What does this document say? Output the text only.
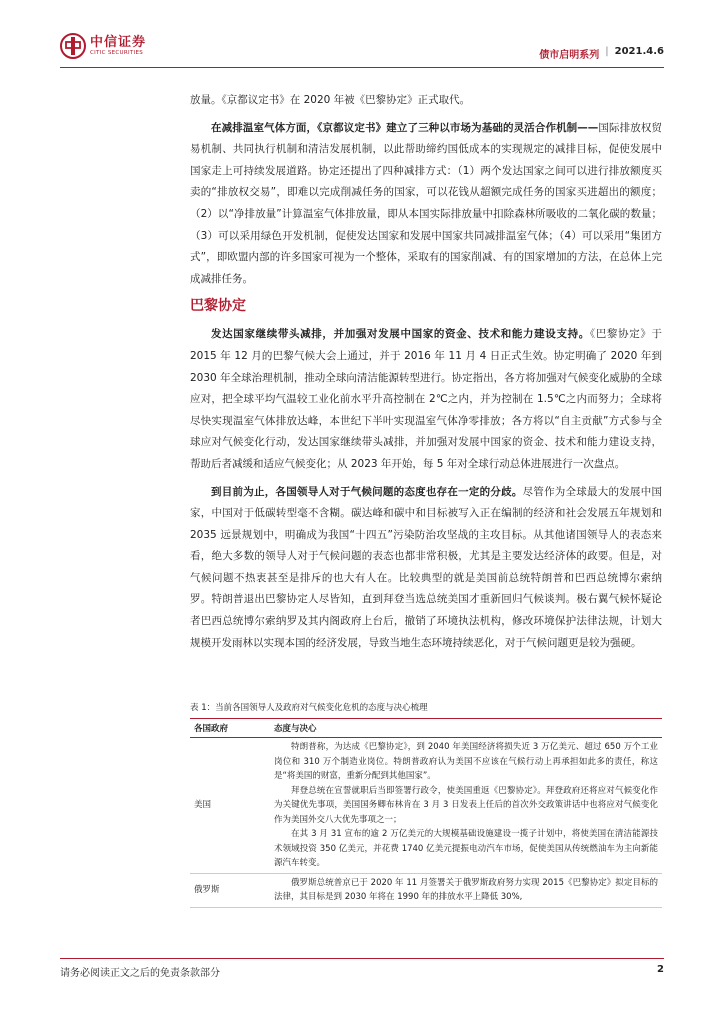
中信证券
CITIC SECURITIES	债市启明系列 | 2021.4.6

放量。《京都议定书》在 2020 年被《巴黎协定》正式取代。

在减排温室气体方面，《京都议定书》建立了三种以市场为基础的灵活合作机制——国际排放权贸易机制、共同执行机制和清洁发展机制，以此帮助缔约国低成本的实现规定的减排目标，促使发展中国家走上可持续发展道路。协定还提出了四种减排方式：（1）两个发达国家之间可以进行排放额度买卖的“排放权交易”，即难以完成削减任务的国家，可以花钱从超额完成任务的国家买进超出的额度；（2）以“净排放量”计算温室气体排放量，即从本国实际排放量中扣除森林所吸收的二氧化碳的数量；（3）可以采用绿色开发机制，促使发达国家和发展中国家共同减排温室气体；（4）可以采用“集团方式”，即欧盟内部的许多国家可视为一个整体，采取有的国家削减、有的国家增加的方法，在总体上完成减排任务。

巴黎协定

发达国家继续带头减排，并加强对发展中国家的资金、技术和能力建设支持。《巴黎协定》于 2015 年 12 月的巴黎气候大会上通过，并于 2016 年 11 月 4 日正式生效。协定明确了 2020 年到 2030 年全球治理机制，推动全球向清洁能源转型进行。协定指出，各方将加强对气候变化威胁的全球应对，把全球平均气温较工业化前水平升高控制在 2℃之内，并为控制在 1.5℃之内而努力；全球将尽快实现温室气体排放达峰，本世纪下半叶实现温室气体净零排放；各方将以“自主贡献”方式参与全球应对气候变化行动，发达国家继续带头减排，并加强对发展中国家的资金、技术和能力建设支持，帮助后者减缓和适应气候变化；从 2023 年开始，每 5 年对全球行动总体进展进行一次盘点。

到目前为止，各国领导人对于气候问题的态度也存在一定的分歧。尽管作为全球最大的发展中国家，中国对于低碳转型毫不含糊。碳达峰和碳中和目标被写入正在编制的经济和社会发展五年规划和 2035 远景规划中，明确成为我国“十四五”污染防治攻坚战的主攻目标。从其他诸国领导人的表态来看，绝大多数的领导人对于气候问题的表态也都非常积极，尤其是主要发达经济体的政要。但是，对气候问题不热衷甚至是排斥的也大有人在。比较典型的就是美国前总统特朗普和巴西总统博尔索纳罗。特朗普退出巴黎协定人尽皆知，直到拜登当选总统美国才重新回归气候谈判。极右翼气候怀疑论者巴西总统博尔索纳罗及其内阁政府上台后，撤销了环境执法机构，修改环境保护法律法规，计划大规模开发雨林以实现本国的经济发展，导致当地生态环境持续恶化，对于气候问题更是较为强硬。

表 1：当前各国领导人及政府对气候变化危机的态度与决心梳理
各国政府	态度与决心
美国	特朗普称，为达成《巴黎协定》，到 2040 年美国经济将损失近 3 万亿美元、超过 650 万个工业岗位和 310 万个制造业岗位。特朗普政府认为美国不应该在气候行动上再承担如此多的责任，称这是“将美国的财富，重新分配到其他国家”。

拜登总统在宣誓就职后当即签署行政令，使美国重返《巴黎协定》。拜登政府还将应对气候变化作为关键优先事项，美国国务卿布林肯在 3 月 3 日发表上任后的首次外交政策讲话中也将应对气候变化作为美国外交八大优先事项之一；

在其 3 月 31 宣布的逾 2 万亿美元的大规模基础设施建设一揽子计划中，将使美国在清洁能源技术领域投资 350 亿美元，并花费 1740 亿美元提振电动汽车市场，促使美国从传统燃油车为主向新能源汽车转变。

俄罗斯	俄罗斯总统普京已于 2020 年 11 月签署关于俄罗斯政府努力实现 2015《巴黎协定》拟定目标的法律，其目标是到 2030 年将在 1990 年的排放水平上降低 30%,

请务必阅读正文之后的免责条款部分	2
